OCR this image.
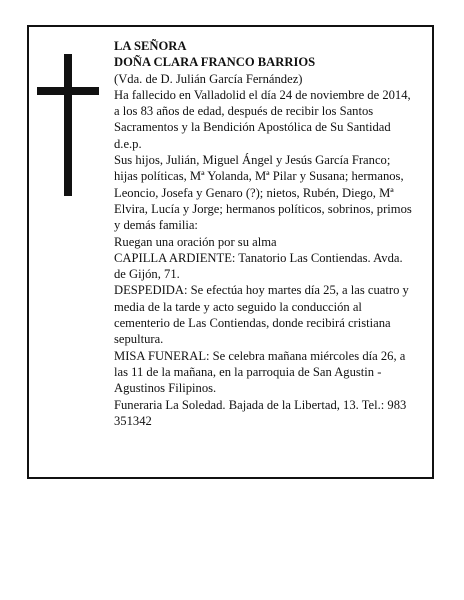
LA SEÑORA

DOÑA CLARA FRANCO BARRIOS

(Vda. de D. Julián García Fernández)

Ha fallecido en Valladolid el día 24 de noviembre de 2014, a los 83 años de edad, después de recibir los Santos Sacramentos y la Bendición Apostólica de Su Santidad

d.e.p.

Sus hijos, Julián, Miguel Ángel y Jesús García Franco; hijas políticas, Mª Yolanda, Mª Pilar y Susana; hermanos, Leoncio, Josefa y Genaro (?); nietos, Rubén, Diego, Mª Elvira, Lucía y Jorge; hermanos políticos, sobrinos, primos y demás familia:

Ruegan una oración por su alma

CAPILLA ARDIENTE: Tanatorio Las Contiendas. Avda. de Gijón, 71.

DESPEDIDA: Se efectúa hoy martes día 25, a las cuatro y media de la tarde y acto seguido la conducción al cementerio de Las Contiendas, donde recibirá cristiana sepultura.

MISA FUNERAL: Se celebra mañana miércoles día 26, a las 11 de la mañana, en la parroquia de San Agustin - Agustinos Filipinos.

Funeraria La Soledad. Bajada de la Libertad, 13. Tel.: 983 351342
